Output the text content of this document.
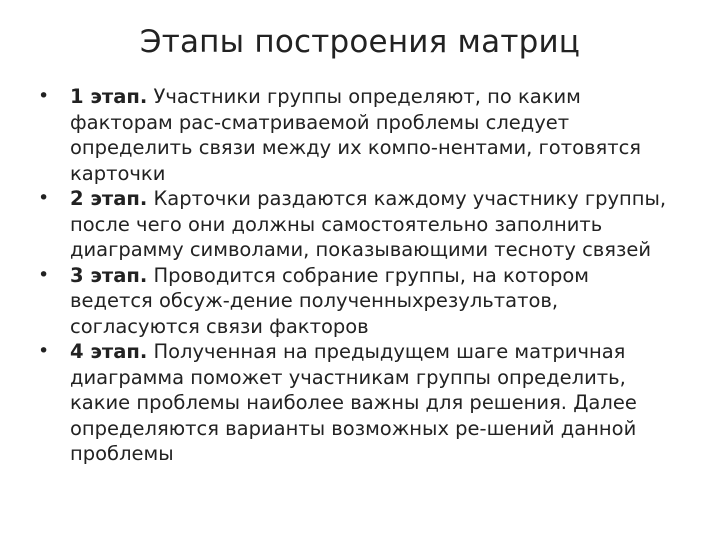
Этапы построения матриц
•	1 этап. Участники группы определяют, по каким факторам рас-сматриваемой проблемы следует определить связи между их компо-нентами, готовятся карточки
•	2 этап. Карточки раздаются каждому участнику группы, после чего они должны самостоятельно заполнить диаграмму символами, показывающими тесноту связей
•	3 этап. Проводится собрание группы, на котором ведется обсуж-дение полученныхрезультатов, согласуются связи факторов
•	4 этап. Полученная на предыдущем шаге матричная диаграмма поможет участникам группы определить, какие проблемы наиболее важны для решения. Далее определяются варианты возможных ре-шений данной проблемы
